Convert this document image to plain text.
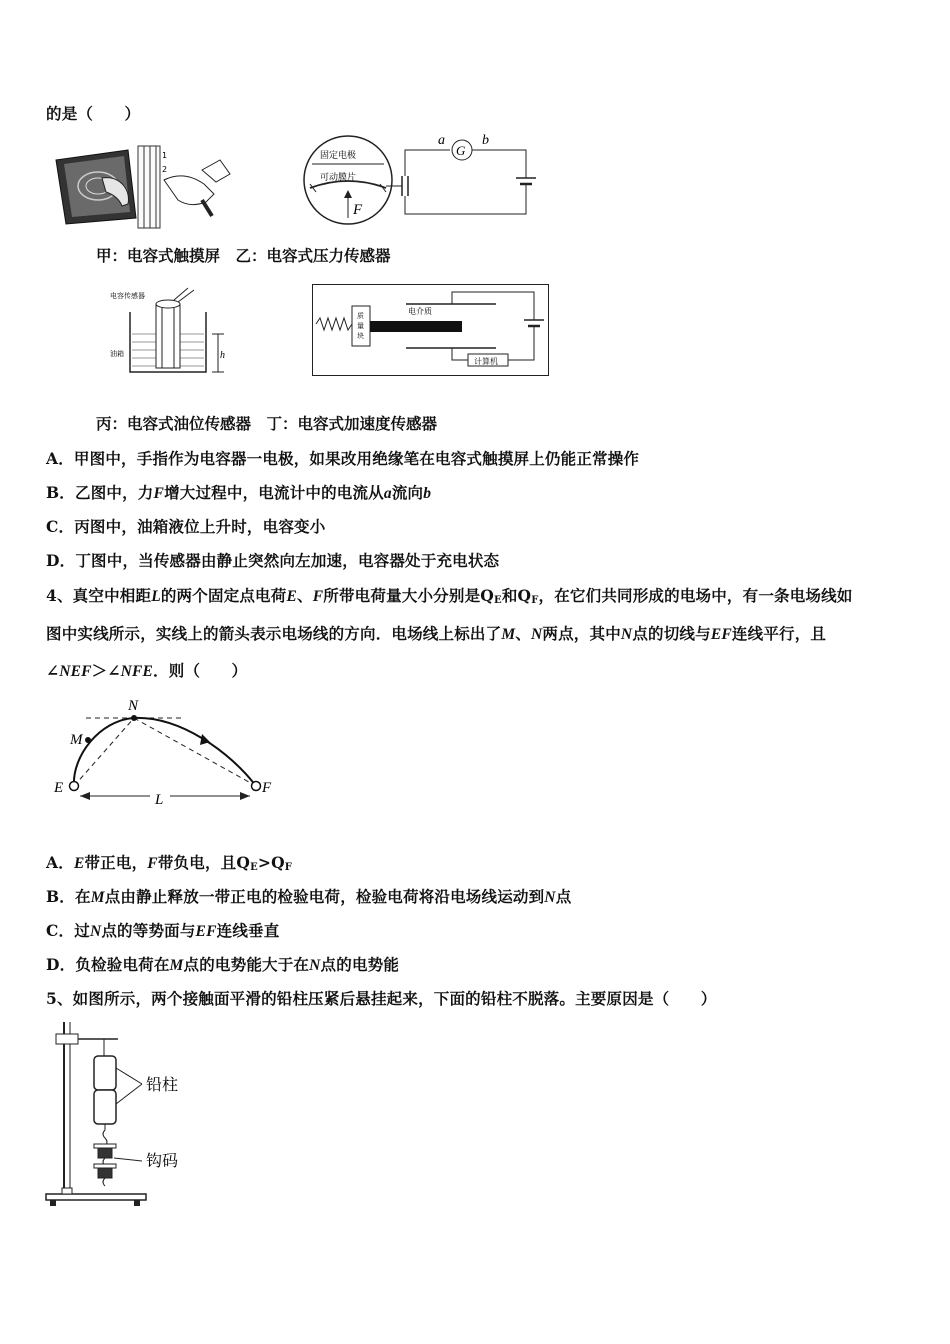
的是（　　）
1
2
固定电极
可动膜片
F
G
a	b
甲：电容式触摸屏　乙：电容式压力传感器
电容传感器
油箱	h
质
量
块
电介质
计算机
丙：电容式油位传感器　丁：电容式加速度传感器
A．甲图中，手指作为电容器一电极，如果改用绝缘笔在电容式触摸屏上仍能正常操作
B．乙图中，力F增大过程中，电流计中的电流从a流向b
C．丙图中，油箱液位上升时，电容变小
D．丁图中，当传感器由静止突然向左加速，电容器处于充电状态
4、真空中相距L的两个固定点电荷E、F所带电荷量大小分别是$Q_E$和$Q_F$，在它们共同形成的电场中，有一条电场线如
图中实线所示，实线上的箭头表示电场线的方向．电场线上标出了M、N两点，其中N点的切线与EF连线平行，且
∠NEF＞∠NFE．则（　　）
N
M
E	F
L
A．E带正电，F带负电，且$Q_E>Q_F$
B．在M点由静止释放一带正电的检验电荷，检验电荷将沿电场线运动到N点
C．过N点的等势面与EF连线垂直
D．负检验电荷在M点的电势能大于在N点的电势能
5、如图所示，两个接触面平滑的铅柱压紧后悬挂起来，下面的铅柱不脱落。主要原因是（　　）
铅柱
钩码
